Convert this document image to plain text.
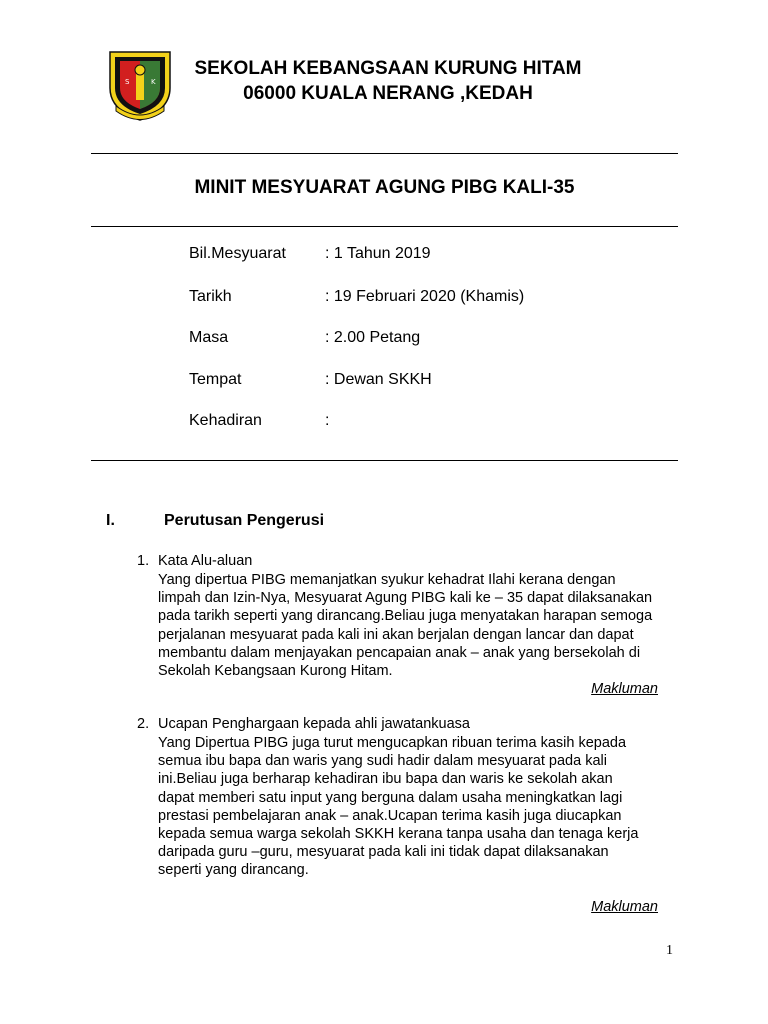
S	K
SEKOLAH KEBANGSAAN KURUNG HITAM
06000 KUALA NERANG ,KEDAH
MINIT MESYUARAT AGUNG PIBG KALI-35
Bil.Mesyuarat : 1 Tahun 2019
Tarikh	: 19 Februari 2020 (Khamis)
Masa	: 2.00 Petang
Tempat	: Dewan SKKH
Kehadiran	:
I.	Perutusan Pengerusi
1. Kata Alu-aluan
Yang dipertua PIBG memanjatkan syukur kehadrat Ilahi kerana dengan
limpah dan Izin-Nya, Mesyuarat Agung PIBG kali ke – 35 dapat dilaksanakan
pada tarikh seperti yang dirancang.Beliau juga menyatakan harapan semoga
perjalanan mesyuarat pada kali ini akan berjalan dengan lancar dan dapat
membantu dalam menjayakan pencapaian anak – anak yang bersekolah di
Sekolah Kebangsaan Kurong Hitam.
Makluman
2. Ucapan Penghargaan kepada ahli jawatankuasa
Yang Dipertua PIBG juga turut mengucapkan ribuan terima kasih kepada
semua ibu bapa dan waris yang sudi hadir dalam mesyuarat pada kali
ini.Beliau juga berharap kehadiran ibu bapa dan waris ke sekolah akan
dapat memberi satu input yang berguna dalam usaha meningkatkan lagi
prestasi pembelajaran anak – anak.Ucapan terima kasih juga diucapkan
kepada semua warga sekolah SKKH kerana tanpa usaha dan tenaga kerja
daripada guru –guru, mesyuarat pada kali ini tidak dapat dilaksanakan
seperti yang dirancang.
Makluman
1
